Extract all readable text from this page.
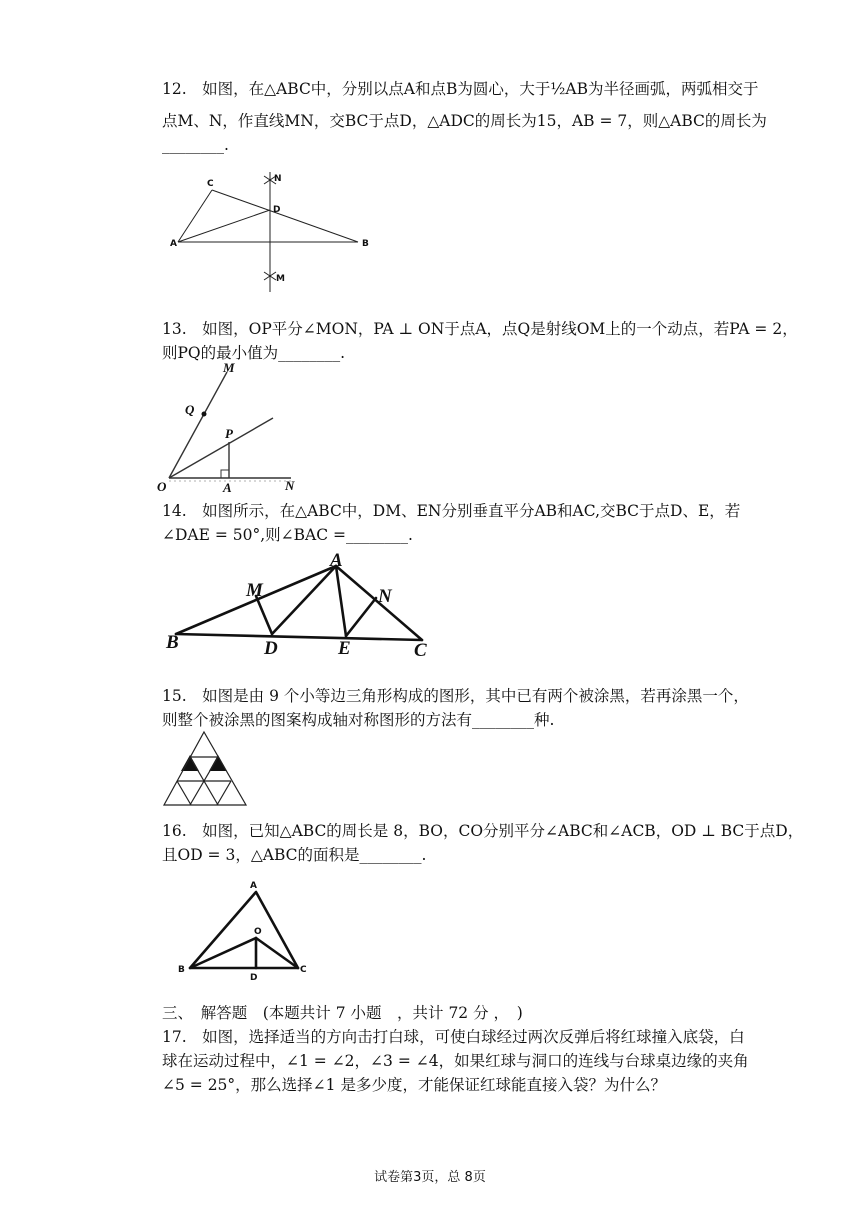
12.　如图，在△ABC中，分别以点A和点B为圆心，大于½AB为半径画弧，两弧相交于
点M、N，作直线MN，交BC于点D，△ADC的周长为15，AB = 7，则△ABC的周长为
________.
C
D
N
A	B
M
13.　如图，OP平分∠MON，PA ⊥ ON于点A，点Q是射线OM上的一个动点，若PA = 2，
则PQ的最小值为________.
M
Q
P
O	A	N
14.　如图所示，在△ABC中，DM、EN分别垂直平分AB和AC,交BC于点D、E，若
∠DAE = 50°,则∠BAC =________.
A
M	N
B	D	E	C
15.　如图是由 9 个小等边三角形构成的图形，其中已有两个被涂黑，若再涂黑一个，
则整个被涂黑的图案构成轴对称图形的方法有________种.
16.　如图，已知△ABC的周长是 8，BO，CO分别平分∠ABC和∠ACB，OD ⊥ BC于点D，
且OD = 3，△ABC的面积是________.
A
O
B
D
C
三、　解答题　(本题共计 7 小题　，共计 72 分 ，　)
17.　如图，选择适当的方向击打白球，可使白球经过两次反弹后将红球撞入底袋，白
球在运动过程中，∠1 = ∠2，∠3 = ∠4，如果红球与洞口的连线与台球桌边缘的夹角
∠5 = 25°，那么选择∠1 是多少度，才能保证红球能直接入袋？为什么？
试卷第3页，总 8页
